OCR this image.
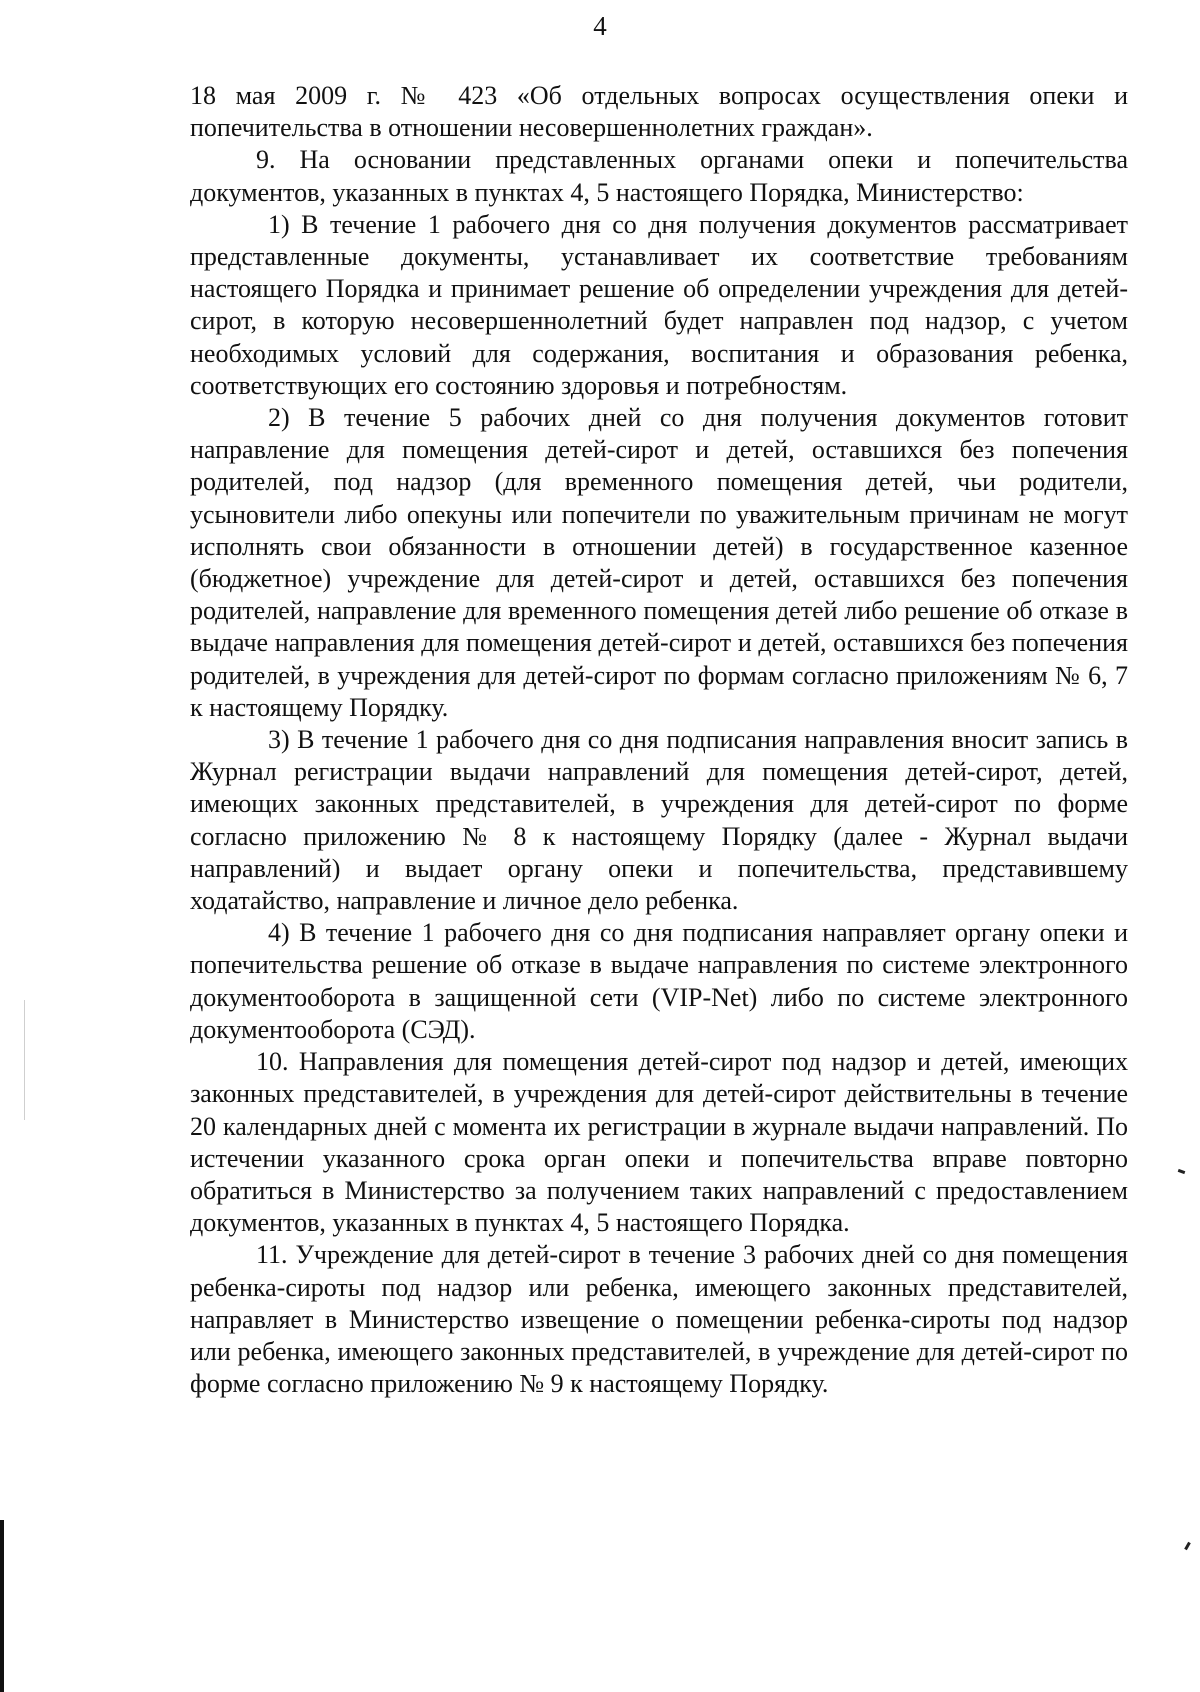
4

18 мая 2009 г. № 423 «Об отдельных вопросах осуществления опеки и попечительства в отношении несовершеннолетних граждан».

9. На основании представленных органами опеки и попечительства документов, указанных в пунктах 4, 5 настоящего Порядка, Министерство:

1) В течение 1 рабочего дня со дня получения документов рассматривает представленные документы, устанавливает их соответствие требованиям настоящего Порядка и принимает решение об определении учреждения для детей-сирот, в которую несовершеннолетний будет направлен под надзор, с учетом необходимых условий для содержания, воспитания и образования ребенка, соответствующих его состоянию здоровья и потребностям.

2) В течение 5 рабочих дней со дня получения документов готовит направление для помещения детей-сирот и детей, оставшихся без попечения родителей, под надзор (для временного помещения детей, чьи родители, усыновители либо опекуны или попечители по уважительным причинам не могут исполнять свои обязанности в отношении детей) в государственное казенное (бюджетное) учреждение для детей-сирот и детей, оставшихся без попечения родителей, направление для временного помещения детей либо решение об отказе в выдаче направления для помещения детей-сирот и детей, оставшихся без попечения родителей, в учреждения для детей-сирот по формам согласно приложениям № 6, 7 к настоящему Порядку.

3) В течение 1 рабочего дня со дня подписания направления вносит запись в Журнал регистрации выдачи направлений для помещения детей-сирот, детей, имеющих законных представителей, в учреждения для детей-сирот по форме согласно приложению № 8 к настоящему Порядку (далее - Журнал выдачи направлений) и выдает органу опеки и попечительства, представившему ходатайство, направление и личное дело ребенка.

4) В течение 1 рабочего дня со дня подписания направляет органу опеки и попечительства решение об отказе в выдаче направления по системе электронного документооборота в защищенной сети (VIP-Net) либо по системе электронного документооборота (СЭД).

10. Направления для помещения детей-сирот под надзор и детей, имеющих законных представителей, в учреждения для детей-сирот действительны в течение 20 календарных дней с момента их регистрации в журнале выдачи направлений. По истечении указанного срока орган опеки и попечительства вправе повторно обратиться в Министерство за получением таких направлений с предоставлением документов, указанных в пунктах 4, 5 настоящего Порядка.

11. Учреждение для детей-сирот в течение 3 рабочих дней со дня помещения ребенка-сироты под надзор или ребенка, имеющего законных представителей, направляет в Министерство извещение о помещении ребенка-сироты под надзор или ребенка, имеющего законных представителей, в учреждение для детей-сирот по форме согласно приложению № 9 к настоящему Порядку.
